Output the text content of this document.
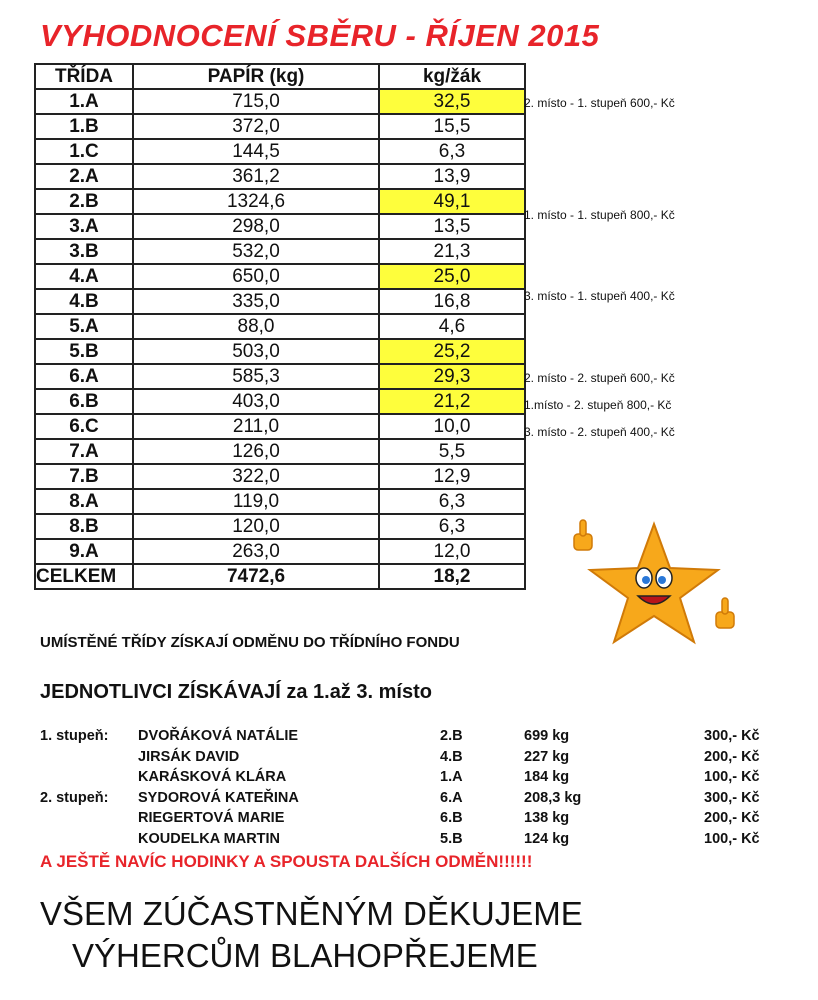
VYHODNOCENÍ SBĚRU - ŘÍJEN 2015
TŘÍDA	PAPÍR (kg)	kg/žák
1.A	715,0	32,5
1.B	372,0	15,5
1.C	144,5	6,3
2.A	361,2	13,9
2.B	1324,6	49,1
3.A	298,0	13,5
3.B	532,0	21,3
4.A	650,0	25,0
4.B	335,0	16,8
5.A	88,0	4,6
5.B	503,0	25,2
6.A	585,3	29,3
6.B	403,0	21,2
6.C	211,0	10,0
7.A	126,0	5,5
7.B	322,0	12,9
8.A	119,0	6,3
8.B	120,0	6,3
9.A	263,0	12,0
CELKEM	7472,6	18,2
2. místo - 1. stupeň 600,- Kč
1. místo - 1. stupeň 800,- Kč
3. místo - 1. stupeň 400,- Kč
2. místo - 2. stupeň 600,- Kč
1.místo - 2. stupeň 800,- Kč
3. místo - 2. stupeň 400,- Kč
UMÍSTĚNÉ TŘÍDY ZÍSKAJÍ ODMĚNU DO TŘÍDNÍHO FONDU
JEDNOTLIVCI ZÍSKÁVAJÍ za 1.až 3. místo
1. stupeň: DVOŘÁKOVÁ NATÁLIE	2.B	699 kg	300,- Kč
JIRSÁK DAVID	4.B	227 kg	200,- Kč
KARÁSKOVÁ KLÁRA	1.A	184 kg	100,- Kč
2. stupeň: SYDOROVÁ KATEŘINA	6.A	208,3 kg	300,- Kč
RIEGERTOVÁ MARIE	6.B	138 kg	200,- Kč
KOUDELKA MARTIN	5.B	124 kg	100,- Kč
A JEŠTĚ NAVÍC HODINKY A SPOUSTA DALŠÍCH ODMĚN!!!!!!
VŠEM ZÚČASTNĚNÝM DĚKUJEME
VÝHERCŮM BLAHOPŘEJEME
